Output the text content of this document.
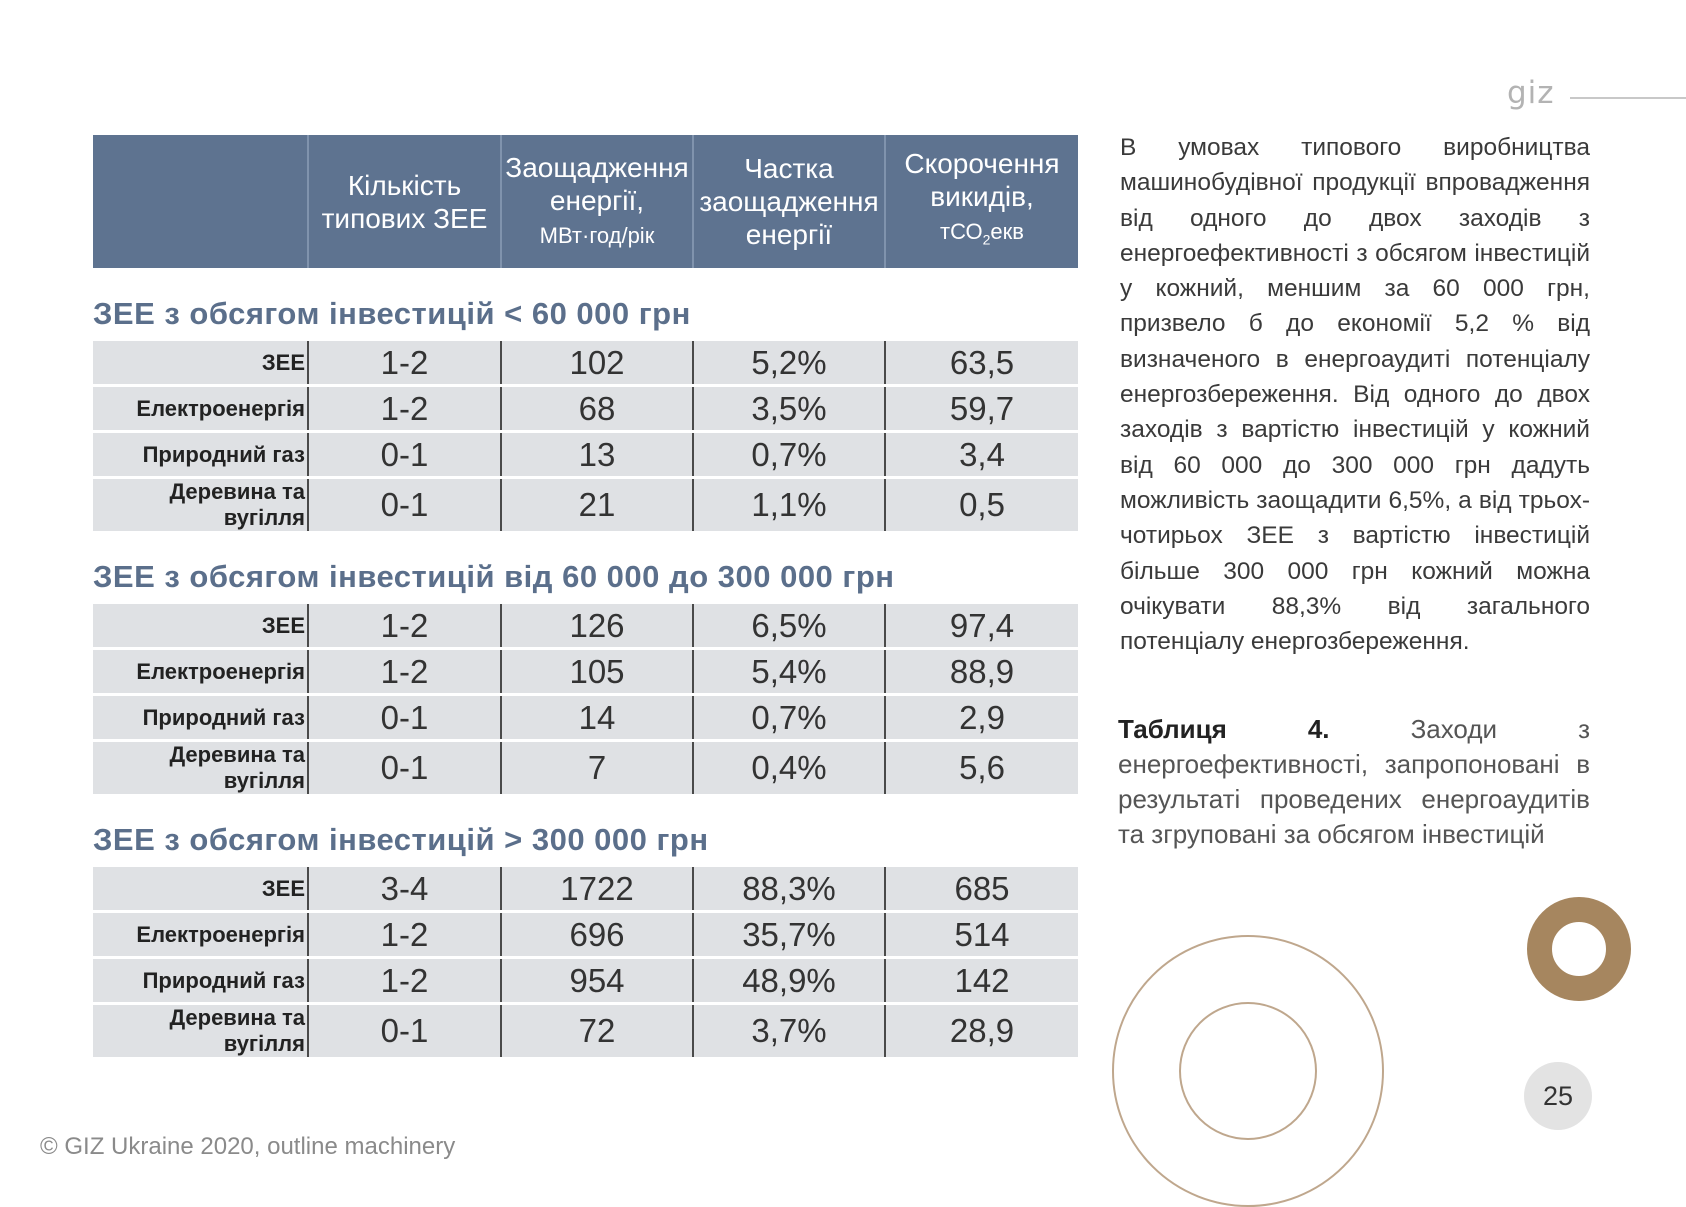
giz
	Кількість типових ЗЕЕ	Заощадження енергії,
МВт·год/рік	Частка заощадження енергії	Скорочення викидів,
тСО$_2$екв
ЗЕЕ з обсягом інвестицій < 60 000 грн				
ЗЕЕ	1-2	102	5,2%	63,5
Електроенергія	1-2	68	3,5%	59,7
Природний газ	0-1	13	0,7%	3,4
Деревина та вугілля	0-1	21	1,1%	0,5
ЗЕЕ з обсягом інвестицій від 60 000 до 300 000 грн				
ЗЕЕ	1-2	126	6,5%	97,4
Електроенергія	1-2	105	5,4%	88,9
Природний газ	0-1	14	0,7%	2,9
Деревина та вугілля	0-1	7	0,4%	5,6
ЗЕЕ з обсягом інвестицій > 300 000 грн				
ЗЕЕ	3-4	1722	88,3%	685
Електроенергія	1-2	696	35,7%	514
Природний газ	1-2	954	48,9%	142
Деревина та вугілля	0-1	72	3,7%	28,9
В умовах типового виробництва машинобудівної продукції впровадження від одного до двох заходів з енергоефективності з обсягом інвестицій у кожний, меншим за 60 000 грн, призвело б до економії 5,2 % від визначеного в енергоаудиті потенціалу енергозбереження. Від одного до двох заходів з вартістю інвестицій у кожний від 60 000 до 300 000 грн дадуть можливість заощадити 6,5%, а від трьох-чотирьох ЗЕЕ з вартістю інвестицій більше 300 000 грн кожний можна очікувати 88,3% від загального потенціалу енергозбереження.
Таблиця 4.	Заходи з енергоефективності, запропоновані в результаті проведених енергоаудитів та згруповані за обсягом інвестицій
© GIZ Ukraine 2020, outline machinery
25
